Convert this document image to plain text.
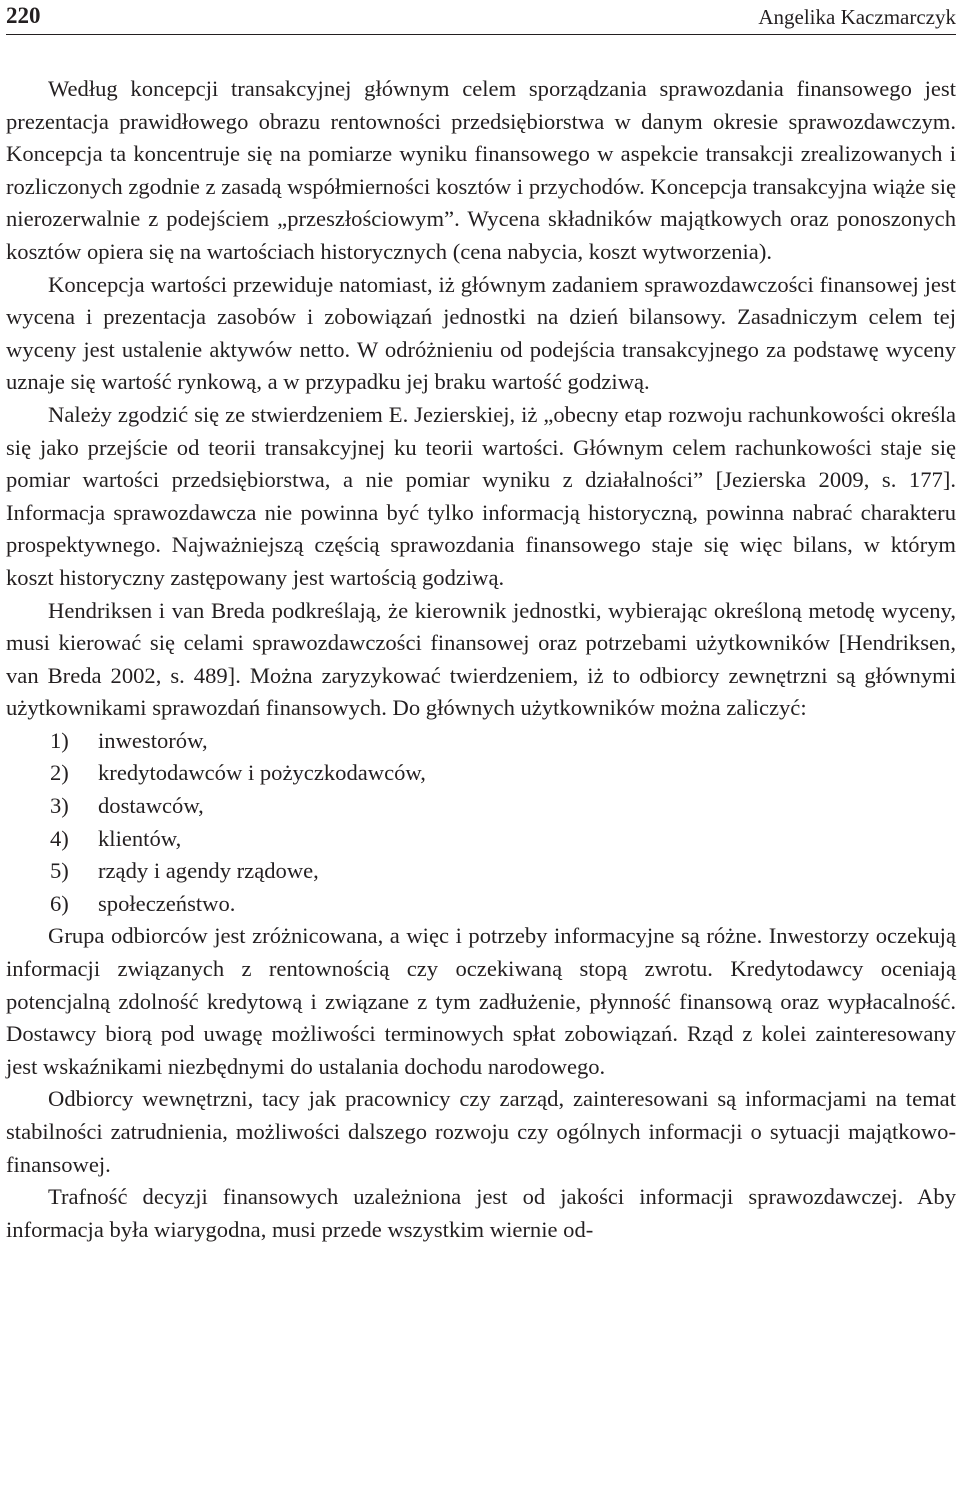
220	Angelika Kaczmarczyk

Według koncepcji transakcyjnej głównym celem sporządzania sprawozdania finansowego jest prezentacja prawidłowego obrazu rentowności przedsiębiorstwa w danym okresie sprawozdawczym. Koncepcja ta koncentruje się na pomiarze wyniku finansowego w aspekcie transakcji zrealizowanych i rozliczonych zgodnie z zasadą współmierności kosztów i przychodów. Koncepcja transakcyjna wiąże się nierozerwalnie z podejściem „przeszłościowym”. Wycena składników majątkowych oraz ponoszonych kosztów opiera się na wartościach historycznych (cena nabycia, koszt wytworzenia).

Koncepcja wartości przewiduje natomiast, iż głównym zadaniem sprawozdawczości finansowej jest wycena i prezentacja zasobów i zobowiązań jednostki na dzień bilansowy. Zasadniczym celem tej wyceny jest ustalenie aktywów netto. W odróżnieniu od podejścia transakcyjnego za podstawę wyceny uznaje się wartość rynkową, a w przypadku jej braku wartość godziwą.

Należy zgodzić się ze stwierdzeniem E. Jezierskiej, iż „obecny etap rozwoju rachunkowości określa się jako przejście od teorii transakcyjnej ku teorii wartości. Głównym celem rachunkowości staje się pomiar wartości przedsiębiorstwa, a nie pomiar wyniku z działalności” [Jezierska 2009, s. 177]. Informacja sprawozdawcza nie powinna być tylko informacją historyczną, powinna nabrać charakteru prospektywnego. Najważniejszą częścią sprawozdania finansowego staje się więc bilans, w którym koszt historyczny zastępowany jest wartością godziwą.

Hendriksen i van Breda podkreślają, że kierownik jednostki, wybierając określoną metodę wyceny, musi kierować się celami sprawozdawczości finansowej oraz potrzebami użytkowników [Hendriksen, van Breda 2002, s. 489]. Można zaryzykować twierdzeniem, iż to odbiorcy zewnętrzni są głównymi użytkownikami sprawozdań finansowych. Do głównych użytkowników można zaliczyć:

1) inwestorów,
2) kredytodawców i pożyczkodawców,
3) dostawców,
4) klientów,
5) rządy i agendy rządowe,
6) społeczeństwo.

Grupa odbiorców jest zróżnicowana, a więc i potrzeby informacyjne są różne. Inwestorzy oczekują informacji związanych z rentownością czy oczekiwaną stopą zwrotu. Kredytodawcy oceniają potencjalną zdolność kredytową i związane z tym zadłużenie, płynność finansową oraz wypłacalność. Dostawcy biorą pod uwagę możliwości terminowych spłat zobowiązań. Rząd z kolei zainteresowany jest wskaźnikami niezbędnymi do ustalania dochodu narodowego.

Odbiorcy wewnętrzni, tacy jak pracownicy czy zarząd, zainteresowani są informacjami na temat stabilności zatrudnienia, możliwości dalszego rozwoju czy ogólnych informacji o sytuacji majątkowo-finansowej.

Trafność decyzji finansowych uzależniona jest od jakości informacji sprawozdawczej. Aby informacja była wiarygodna, musi przede wszystkim wiernie od-
